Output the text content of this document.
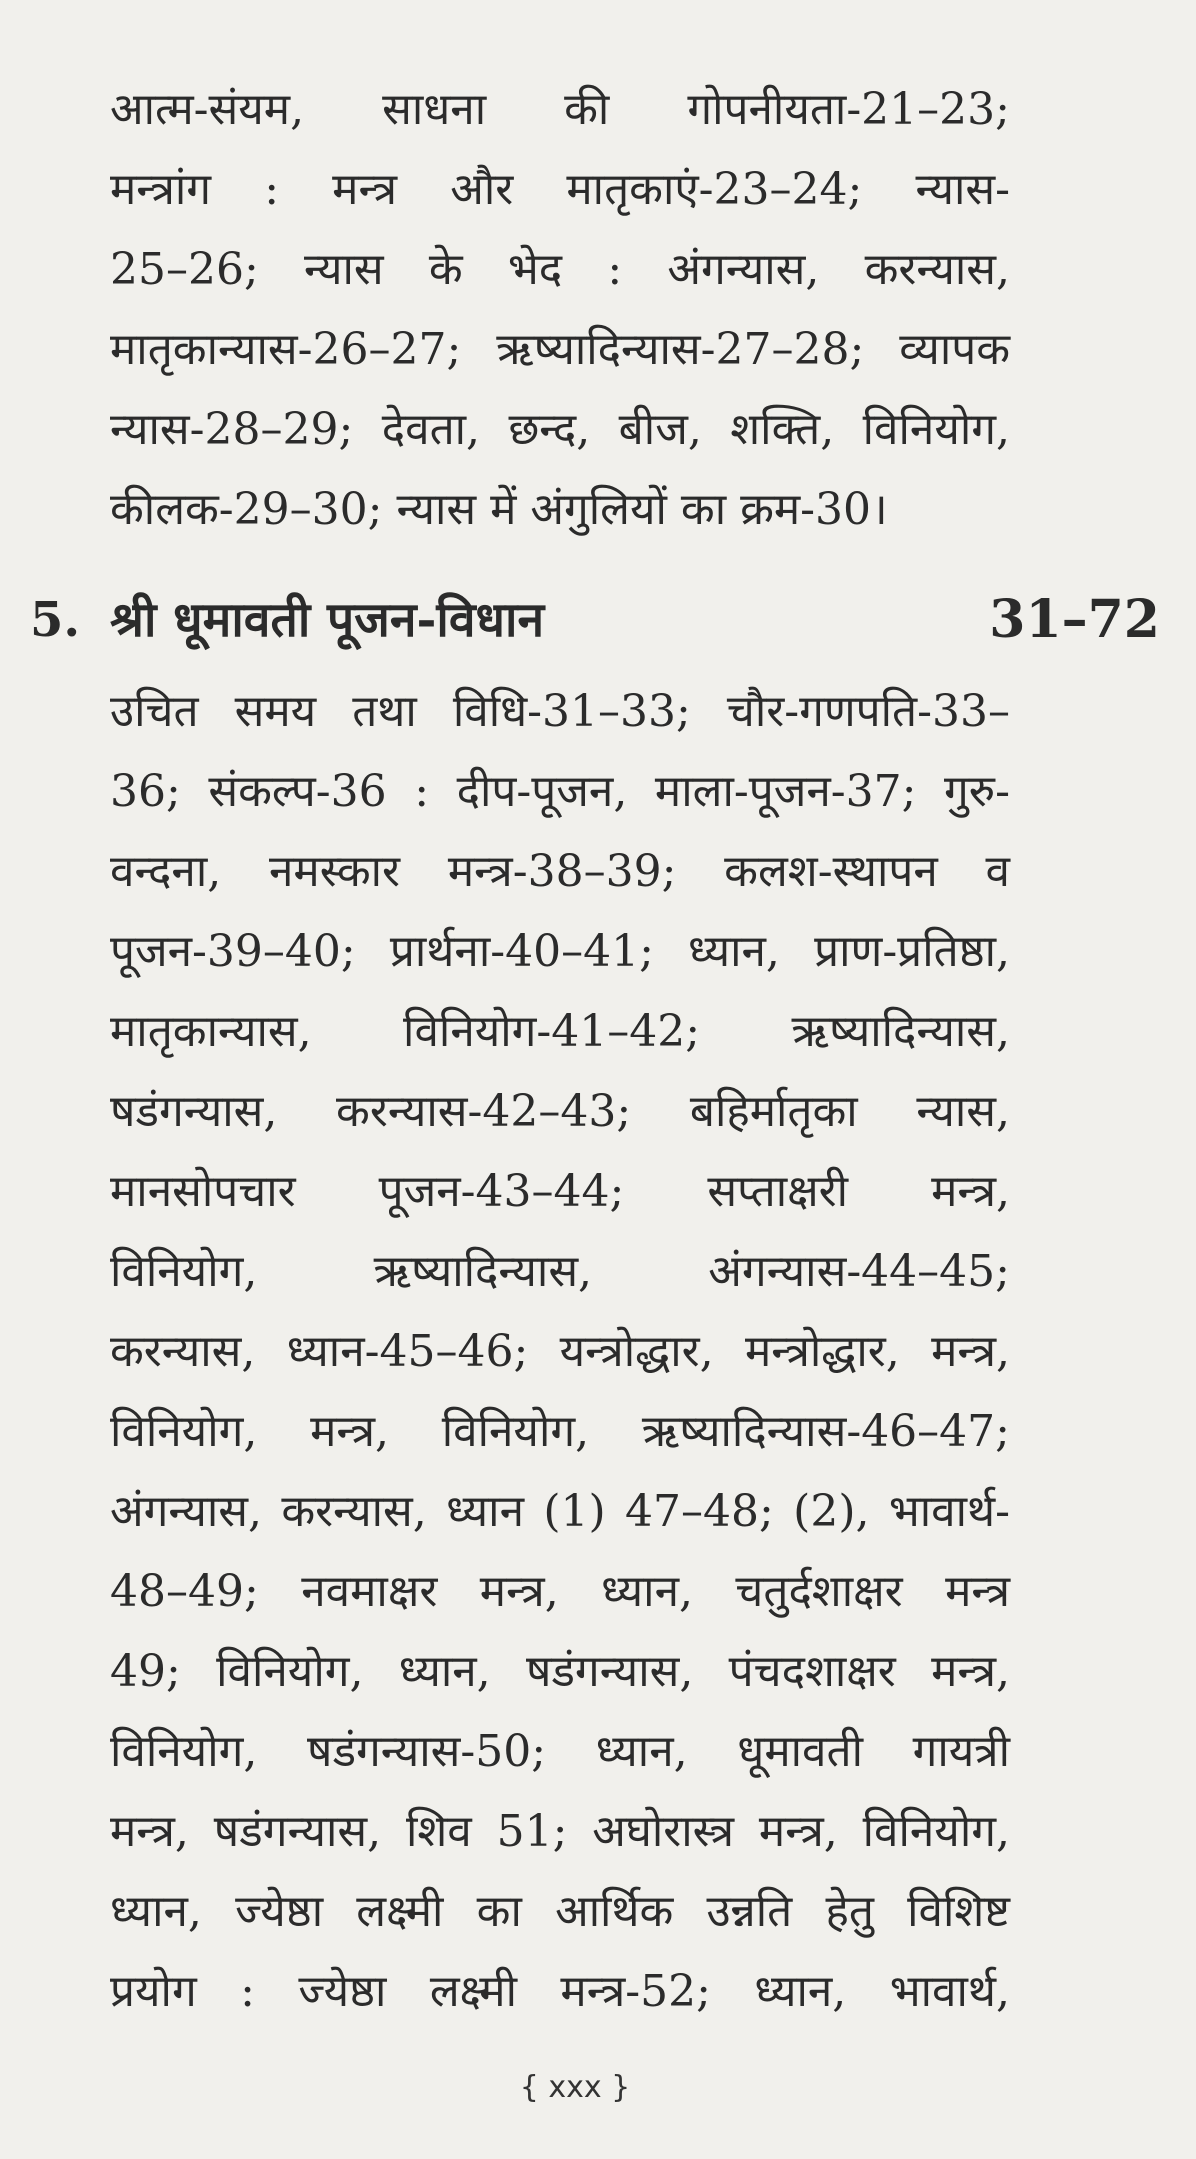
आत्म-संयम, साधना की गोपनीयता-21–23;
मन्त्रांग : मन्त्र और मातृकाएं-23–24; न्यास-
25–26; न्यास के भेद : अंगन्यास, करन्यास,
मातृकान्यास-26–27; ऋष्यादिन्यास-27–28; व्यापक
न्यास-28–29; देवता, छन्द, बीज, शक्ति, विनियोग,
कीलक-29–30; न्यास में अंगुलियों का क्रम-30।
5. श्री धूमावती पूजन-विधान	31–72
उचित समय तथा विधि-31–33; चौर-गणपति-33–
36; संकल्प-36 : दीप-पूजन, माला-पूजन-37; गुरु-
वन्दना, नमस्कार मन्त्र-38–39; कलश-स्थापन व
पूजन-39–40; प्रार्थना-40–41; ध्यान, प्राण-प्रतिष्ठा,
मातृकान्यास, विनियोग-41–42; ऋष्यादिन्यास,
षडंगन्यास, करन्यास-42–43; बहिर्मातृका न्यास,
मानसोपचार पूजन-43–44; सप्ताक्षरी मन्त्र,
विनियोग, ऋष्यादिन्यास, अंगन्यास-44–45;
करन्यास, ध्यान-45–46; यन्त्रोद्धार, मन्त्रोद्धार, मन्त्र,
विनियोग, मन्त्र, विनियोग, ऋष्यादिन्यास-46–47;
अंगन्यास, करन्यास, ध्यान (1) 47–48; (2), भावार्थ-
48–49; नवमाक्षर मन्त्र, ध्यान, चतुर्दशाक्षर मन्त्र
49; विनियोग, ध्यान, षडंगन्यास, पंचदशाक्षर मन्त्र,
विनियोग, षडंगन्यास-50; ध्यान, धूमावती गायत्री
मन्त्र, षडंगन्यास, शिव 51; अघोरास्त्र मन्त्र, विनियोग,
ध्यान, ज्येष्ठा लक्ष्मी का आर्थिक उन्नति हेतु विशिष्ट
प्रयोग : ज्येष्ठा लक्ष्मी मन्त्र-52; ध्यान, भावार्थ,
{ xxx }
